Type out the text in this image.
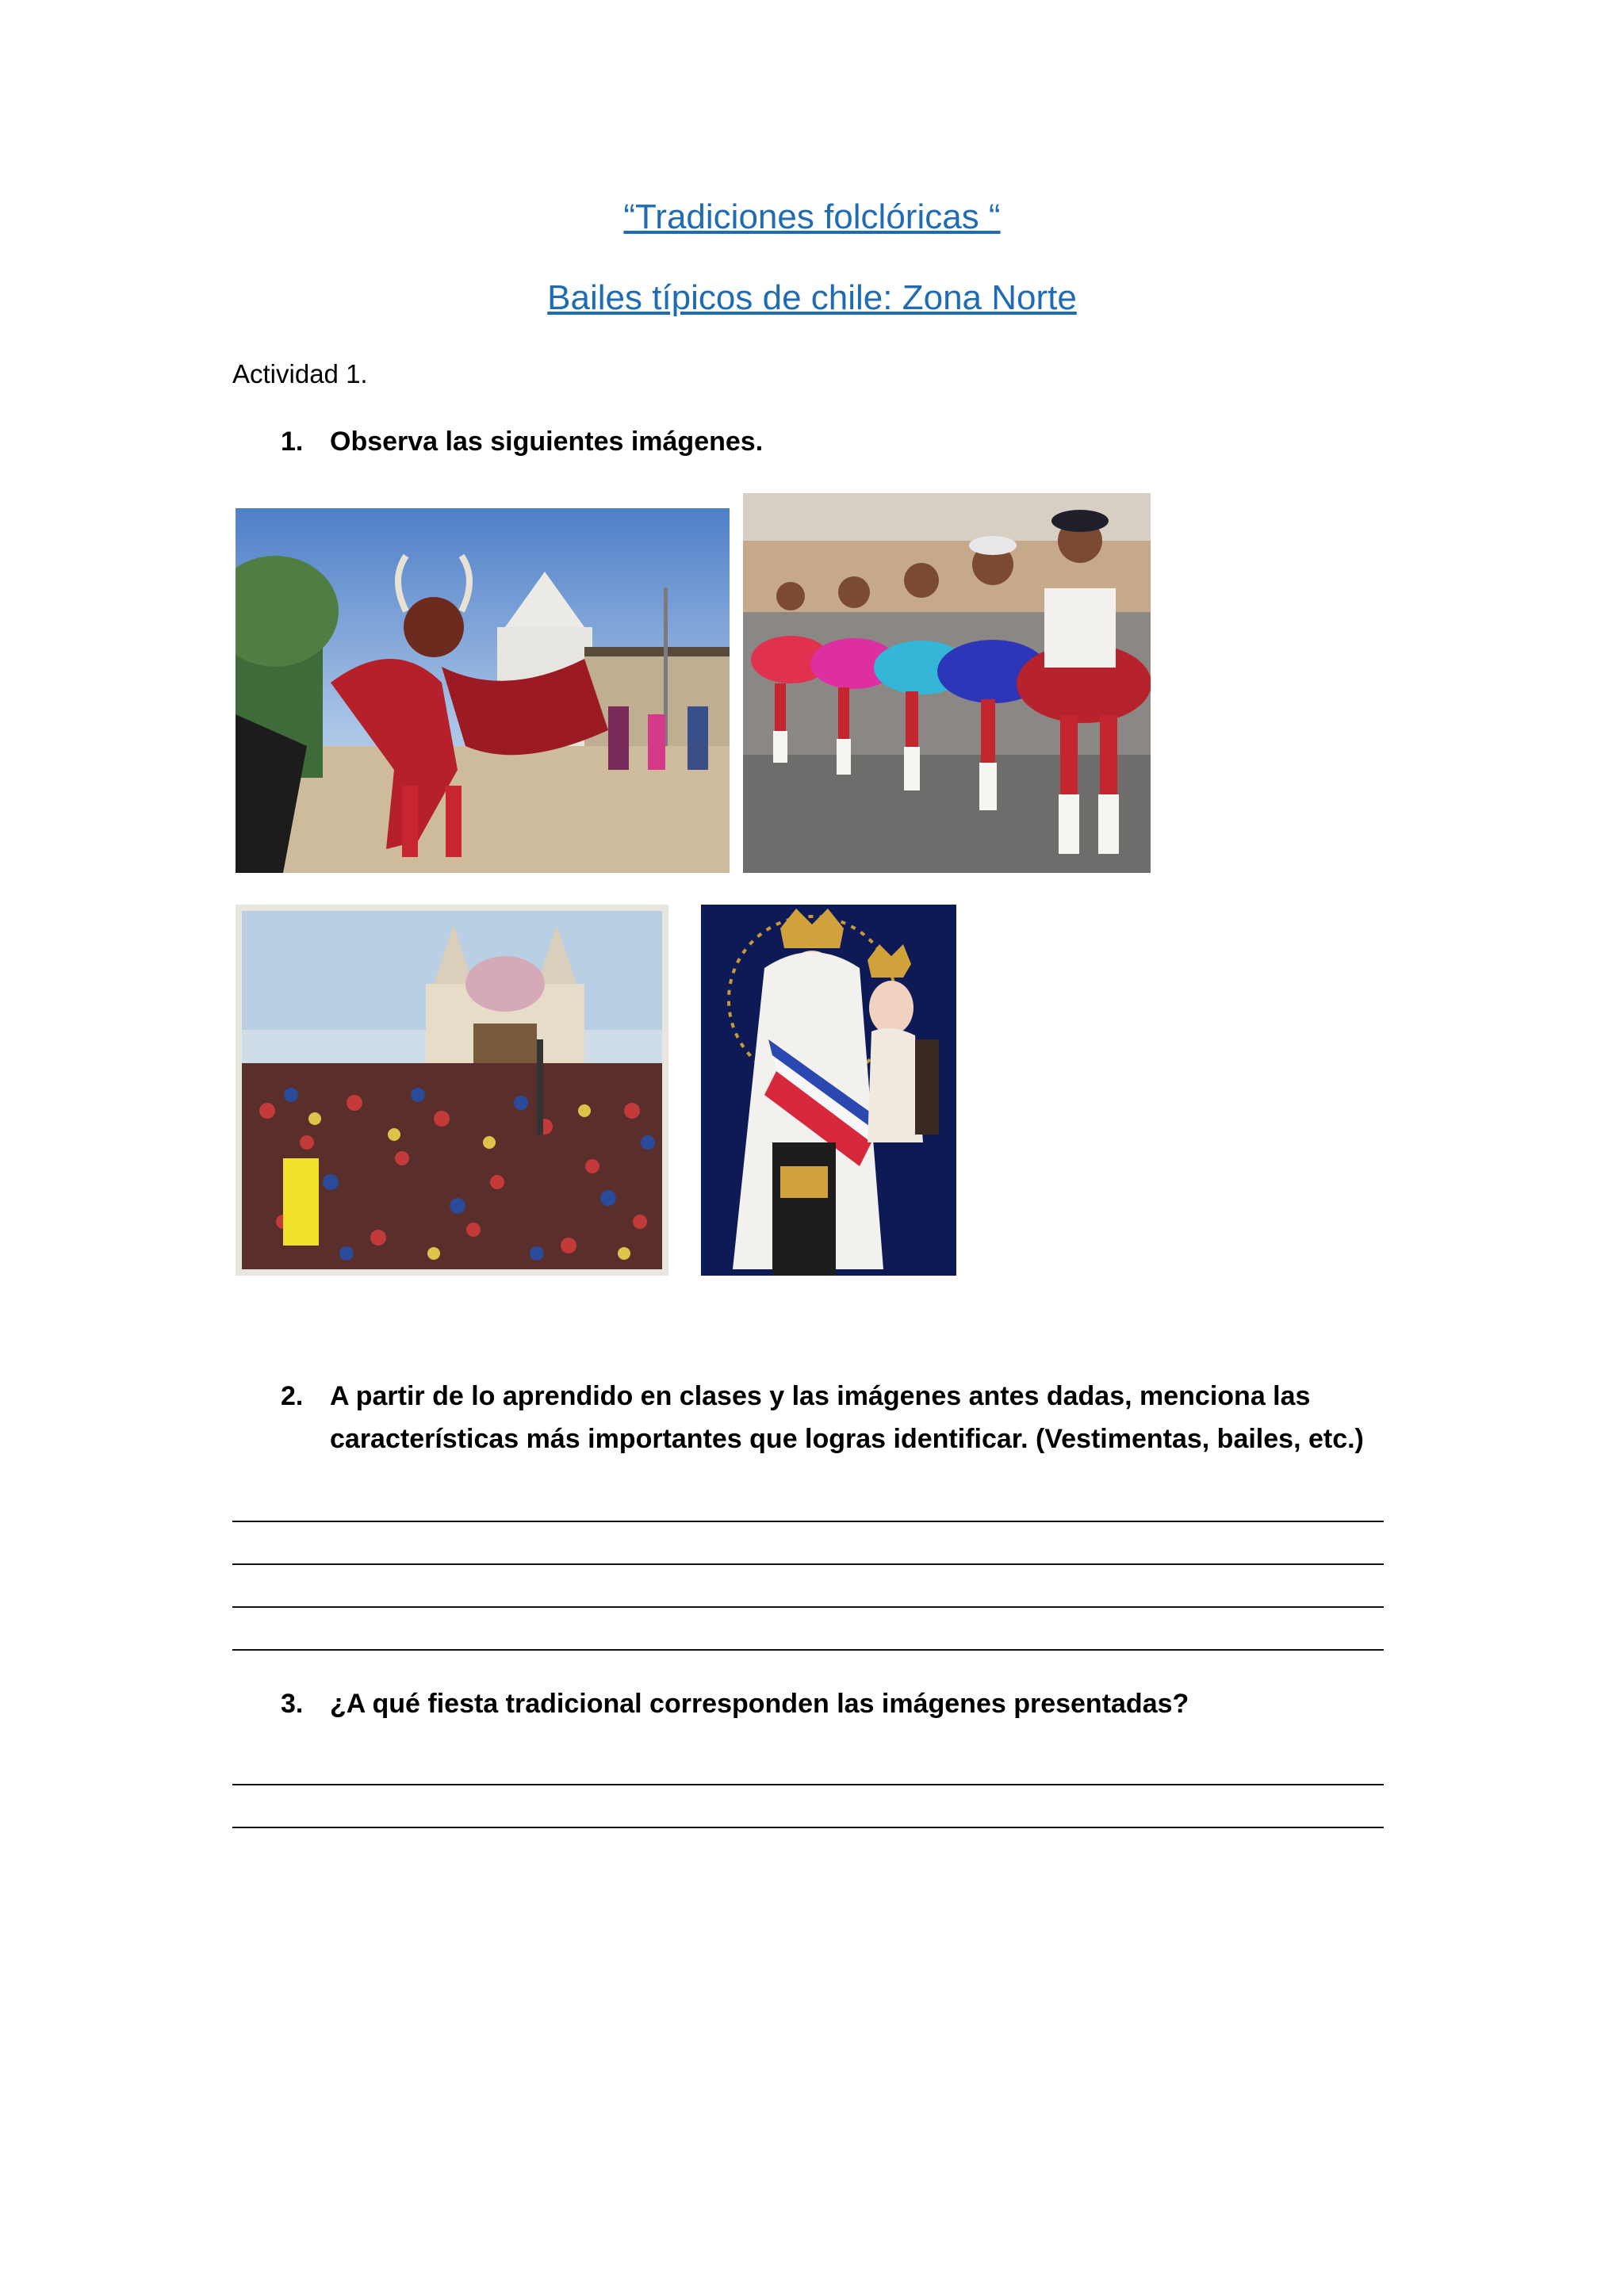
“Tradiciones folclóricas “
Bailes típicos de chile: Zona Norte
Actividad 1.
1. Observa las siguientes imágenes.
2. A partir de lo aprendido en clases y las imágenes antes dadas, menciona las
características más importantes que logras identificar. (Vestimentas, bailes, etc.)
3. ¿A qué fiesta tradicional corresponden las imágenes presentadas?
